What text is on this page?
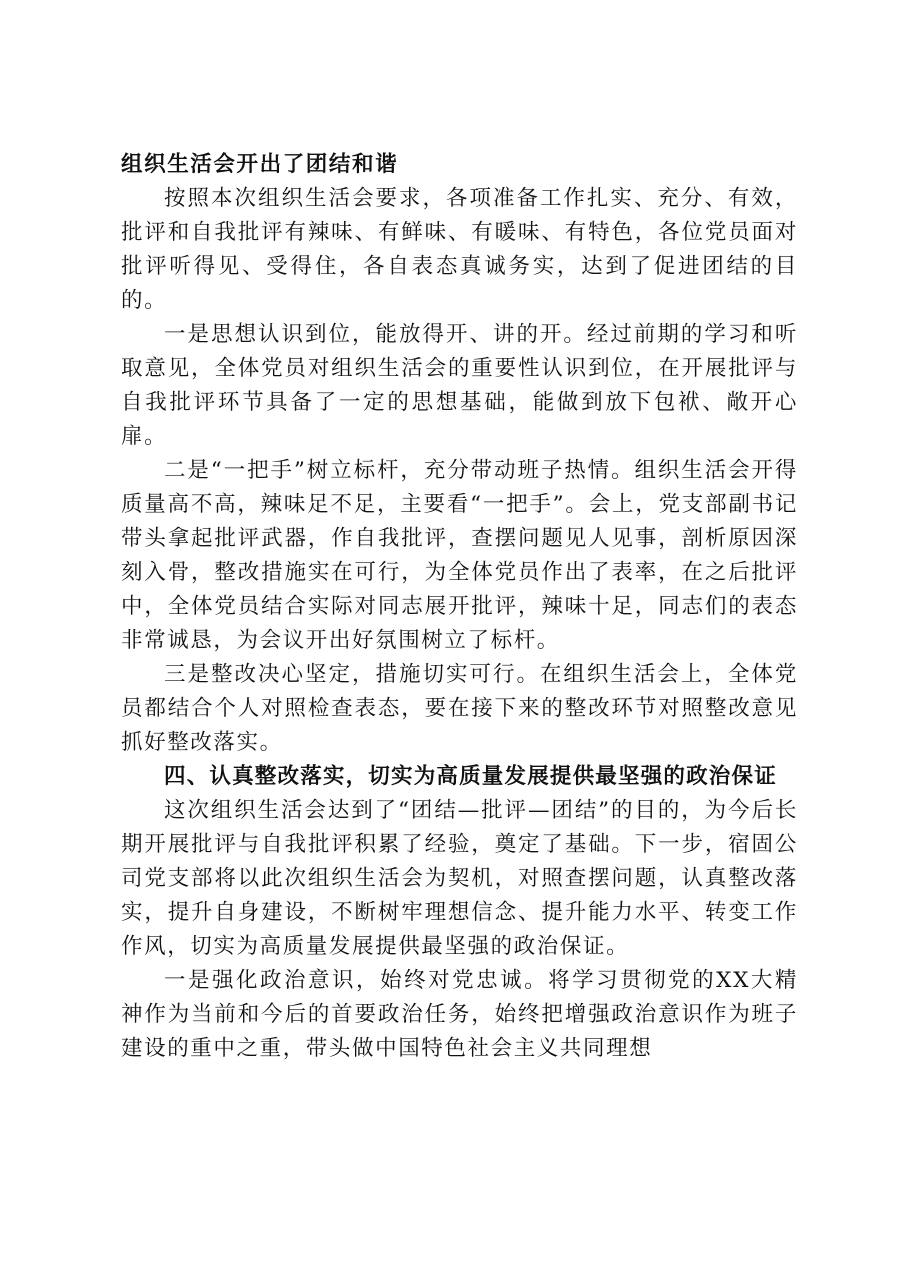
组织生活会开出了团结和谐

按照本次组织生活会要求，各项准备工作扎实、充分、有效，批评和自我批评有辣味、有鲜味、有暖味、有特色，各位党员面对批评听得见、受得住，各自表态真诚务实，达到了促进团结的目的。

一是思想认识到位，能放得开、讲的开。经过前期的学习和听取意见，全体党员对组织生活会的重要性认识到位，在开展批评与自我批评环节具备了一定的思想基础，能做到放下包袱、敞开心扉。

二是“一把手”树立标杆，充分带动班子热情。组织生活会开得质量高不高，辣味足不足，主要看“一把手”。会上，党支部副书记带头拿起批评武器，作自我批评，查摆问题见人见事，剖析原因深刻入骨，整改措施实在可行，为全体党员作出了表率，在之后批评中，全体党员结合实际对同志展开批评，辣味十足，同志们的表态非常诚恳，为会议开出好氛围树立了标杆。

三是整改决心坚定，措施切实可行。在组织生活会上，全体党员都结合个人对照检查表态，要在接下来的整改环节对照整改意见抓好整改落实。

四、认真整改落实，切实为高质量发展提供最坚强的政治保证

这次组织生活会达到了“团结—批评—团结”的目的，为今后长期开展批评与自我批评积累了经验，奠定了基础。下一步，宿固公司党支部将以此次组织生活会为契机，对照查摆问题，认真整改落实，提升自身建设，不断树牢理想信念、提升能力水平、转变工作作风，切实为高质量发展提供最坚强的政治保证。

一是强化政治意识，始终对党忠诚。将学习贯彻党的XX大精神作为当前和今后的首要政治任务，始终把增强政治意识作为班子建设的重中之重，带头做中国特色社会主义共同理想
